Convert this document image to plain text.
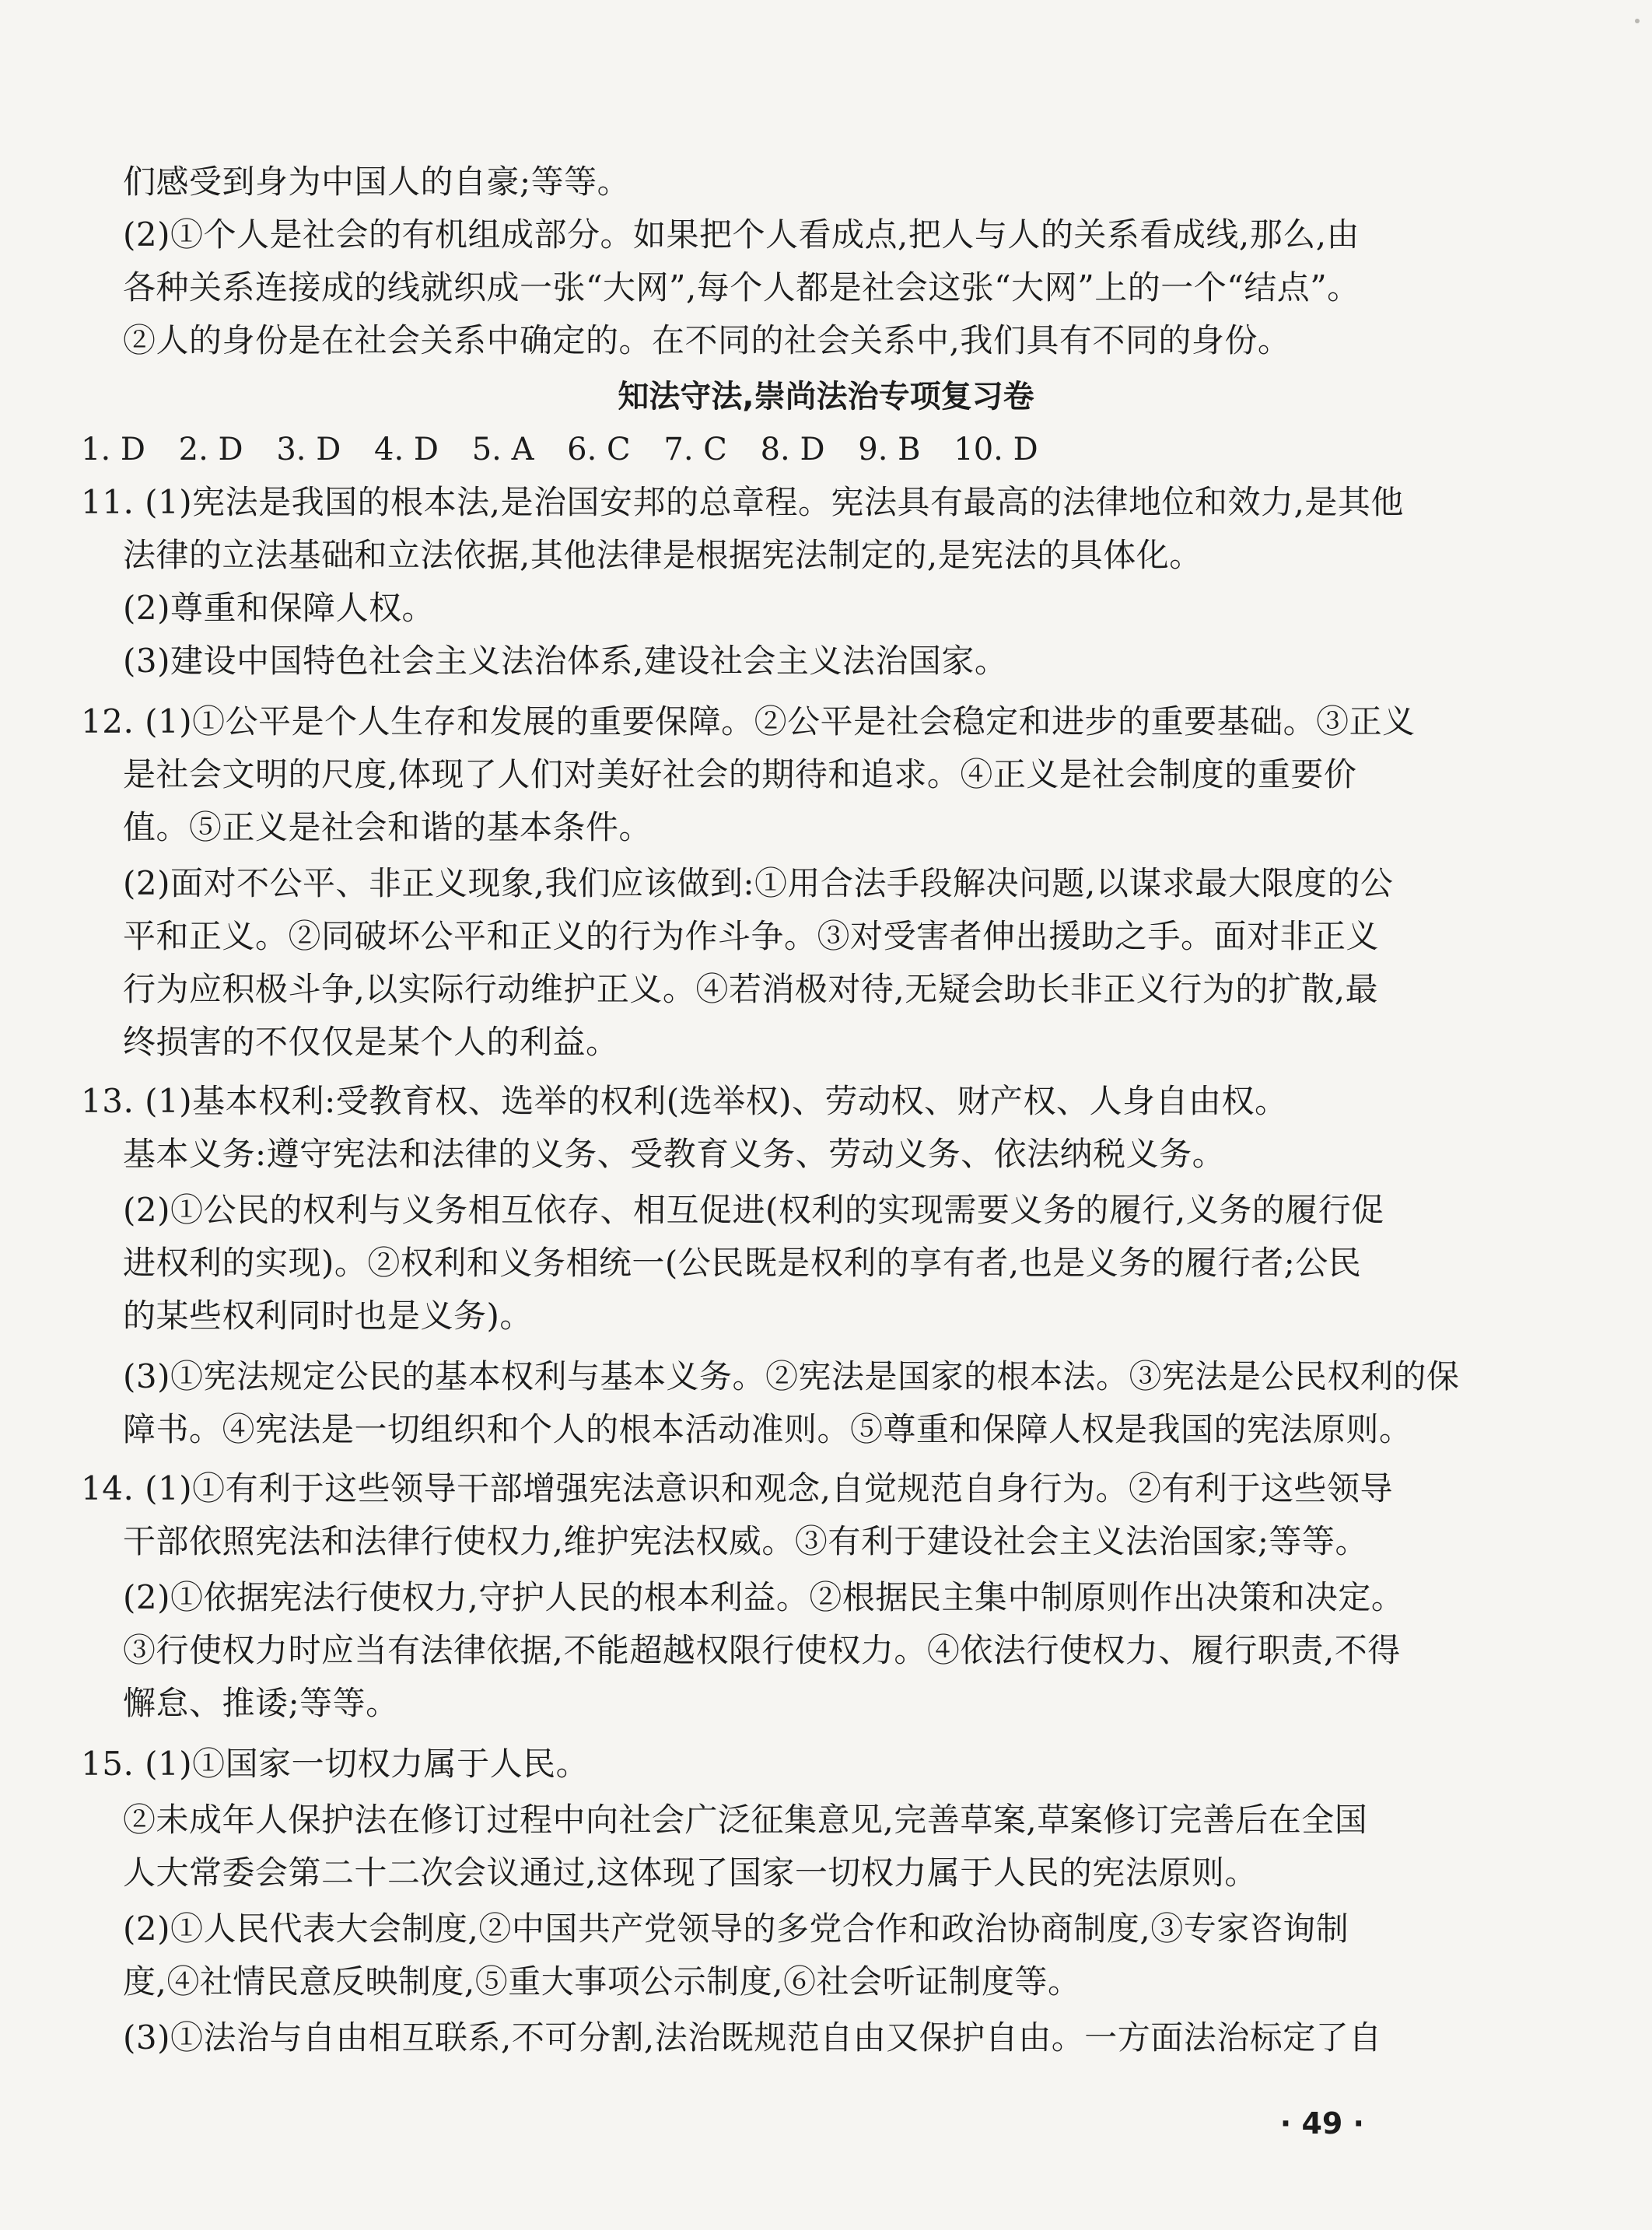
们感受到身为中国人的自豪;等等。
(2)①个人是社会的有机组成部分。如果把个人看成点,把人与人的关系看成线,那么,由
各种关系连接成的线就织成一张“大网”,每个人都是社会这张“大网”上的一个“结点”。
②人的身份是在社会关系中确定的。在不同的社会关系中,我们具有不同的身份。
知法守法,崇尚法治专项复习卷
1. D 2. D 3. D 4. D 5. A 6. C 7. C 8. D 9. B 10. D
11. (1)宪法是我国的根本法,是治国安邦的总章程。宪法具有最高的法律地位和效力,是其他
法律的立法基础和立法依据,其他法律是根据宪法制定的,是宪法的具体化。
(2)尊重和保障人权。
(3)建设中国特色社会主义法治体系,建设社会主义法治国家。
12. (1)①公平是个人生存和发展的重要保障。②公平是社会稳定和进步的重要基础。③正义
是社会文明的尺度,体现了人们对美好社会的期待和追求。④正义是社会制度的重要价
值。⑤正义是社会和谐的基本条件。
(2)面对不公平、非正义现象,我们应该做到:①用合法手段解决问题,以谋求最大限度的公
平和正义。②同破坏公平和正义的行为作斗争。③对受害者伸出援助之手。面对非正义
行为应积极斗争,以实际行动维护正义。④若消极对待,无疑会助长非正义行为的扩散,最
终损害的不仅仅是某个人的利益。
13. (1)基本权利:受教育权、选举的权利(选举权)、劳动权、财产权、人身自由权。
基本义务:遵守宪法和法律的义务、受教育义务、劳动义务、依法纳税义务。
(2)①公民的权利与义务相互依存、相互促进(权利的实现需要义务的履行,义务的履行促
进权利的实现)。②权利和义务相统一(公民既是权利的享有者,也是义务的履行者;公民
的某些权利同时也是义务)。
(3)①宪法规定公民的基本权利与基本义务。②宪法是国家的根本法。③宪法是公民权利的保
障书。④宪法是一切组织和个人的根本活动准则。⑤尊重和保障人权是我国的宪法原则。
14. (1)①有利于这些领导干部增强宪法意识和观念,自觉规范自身行为。②有利于这些领导
干部依照宪法和法律行使权力,维护宪法权威。③有利于建设社会主义法治国家;等等。
(2)①依据宪法行使权力,守护人民的根本利益。②根据民主集中制原则作出决策和决定。
③行使权力时应当有法律依据,不能超越权限行使权力。④依法行使权力、履行职责,不得
懈怠、推诿;等等。
15. (1)①国家一切权力属于人民。
②未成年人保护法在修订过程中向社会广泛征集意见,完善草案,草案修订完善后在全国
人大常委会第二十二次会议通过,这体现了国家一切权力属于人民的宪法原则。
(2)①人民代表大会制度,②中国共产党领导的多党合作和政治协商制度,③专家咨询制
度,④社情民意反映制度,⑤重大事项公示制度,⑥社会听证制度等。
(3)①法治与自由相互联系,不可分割,法治既规范自由又保护自由。一方面法治标定了自
· 49 ·
